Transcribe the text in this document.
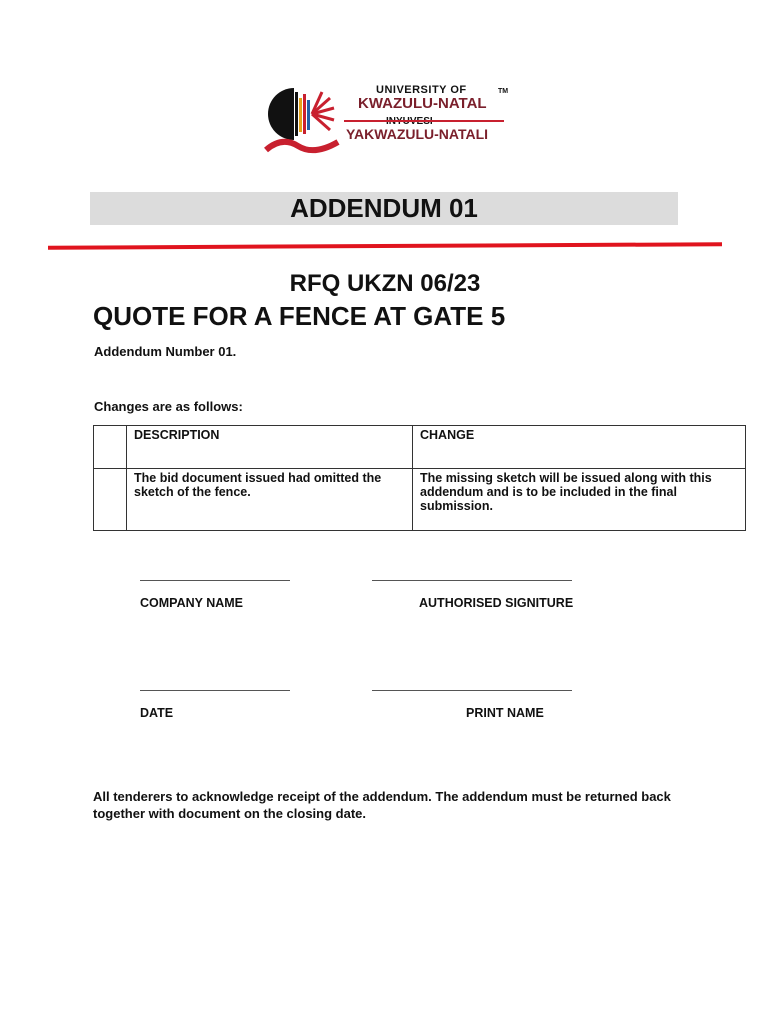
UNIVERSITY OF
KWAZULU-NATAL
YAKWAZULU-NATALI
TM
ADDENDUM 01
RFQ UKZN 06/23
QUOTE FOR A FENCE AT GATE 5
Addendum Number 01.
Changes are as follows:
	DESCRIPTION	CHANGE
	The bid document issued had omitted the sketch of the fence.	The missing sketch will be issued along with this addendum and is to be included in the final submission.
COMPANY NAME	AUTHORISED SIGNITURE
DATE	PRINT NAME
All tenderers to acknowledge receipt of the addendum. The addendum must be returned back together with document on the closing date.
